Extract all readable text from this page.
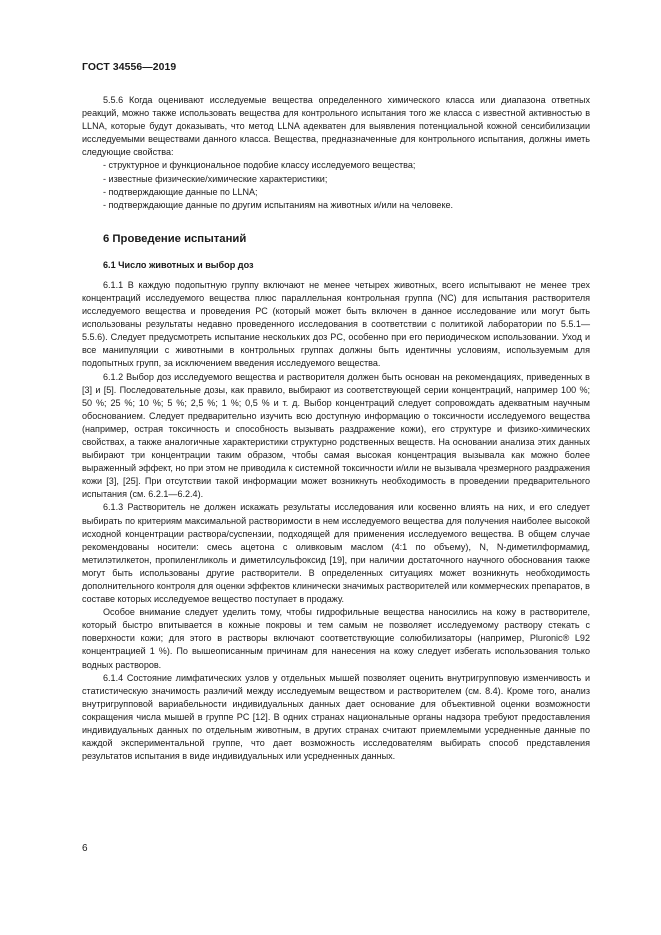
ГОСТ 34556—2019

5.5.6 Когда оценивают исследуемые вещества определенного химического класса или диапазона ответных реакций, можно также использовать вещества для контрольного испытания того же класса с известной активностью в LLNA, которые будут доказывать, что метод LLNA адекватен для выявления потенциальной кожной сенсибилизации исследуемыми веществами данного класса. Вещества, предназначенные для контрольного испытания, должны иметь следующие свойства:

- структурное и функциональное подобие классу исследуемого вещества;
- известные физические/химические характеристики;
- подтверждающие данные по LLNA;
- подтверждающие данные по другим испытаниям на животных и/или на человеке.
6 Проведение испытаний
6.1 Число животных и выбор доз

6.1.1 В каждую подопытную группу включают не менее четырех животных, всего испытывают не менее трех концентраций исследуемого вещества плюс параллельная контрольная группа (NC) для испытания растворителя исследуемого вещества и проведения PC (который может быть включен в данное исследование или могут быть использованы результаты недавно проведенного исследования в соответствии с политикой лаборатории по 5.5.1—5.5.6). Следует предусмотреть испытание нескольких доз PC, особенно при его периодическом использовании. Уход и все манипуляции с животными в контрольных группах должны быть идентичны условиям, используемым для подопытных групп, за исключением введения исследуемого вещества.

6.1.2 Выбор доз исследуемого вещества и растворителя должен быть основан на рекомендациях, приведенных в [3] и [5]. Последовательные дозы, как правило, выбирают из соответствующей серии концентраций, например 100 %; 50 %; 25 %; 10 %; 5 %; 2,5 %; 1 %; 0,5 % и т. д. Выбор концентраций следует сопровождать адекватным научным обоснованием. Следует предварительно изучить всю доступную информацию о токсичности исследуемого вещества (например, острая токсичность и способность вызывать раздражение кожи), его структуре и физико-химических свойствах, а также аналогичные характеристики структурно родственных веществ. На основании анализа этих данных выбирают три концентрации таким образом, чтобы самая высокая концентрация вызывала как можно более выраженный эффект, но при этом не приводила к системной токсичности и/или не вызывала чрезмерного раздражения кожи [3], [25]. При отсутствии такой информации может возникнуть необходимость в проведении предварительного испытания (см. 6.2.1—6.2.4).

6.1.3 Растворитель не должен искажать результаты исследования или косвенно влиять на них, и его следует выбирать по критериям максимальной растворимости в нем исследуемого вещества для получения наиболее высокой исходной концентрации раствора/суспензии, подходящей для применения исследуемого вещества. В общем случае рекомендованы носители: смесь ацетона с оливковым маслом (4:1 по объему), N, N-диметилформамид, метилэтилкетон, пропиленгликоль и диметилсульфоксид [19], при наличии достаточного научного обоснования также могут быть использованы другие растворители. В определенных ситуациях может возникнуть необходимость дополнительного контроля для оценки эффектов клинически значимых растворителей или коммерческих препаратов, в составе которых исследуемое вещество поступает в продажу.

Особое внимание следует уделить тому, чтобы гидрофильные вещества наносились на кожу в растворителе, который быстро впитывается в кожные покровы и тем самым не позволяет исследуемому раствору стекать с поверхности кожи; для этого в растворы включают соответствующие солюбилизаторы (например, Pluronic® L92 концентрацией 1 %). По вышеописанным причинам для нанесения на кожу следует избегать использования только водных растворов.

6.1.4 Состояние лимфатических узлов у отдельных мышей позволяет оценить внутригрупповую изменчивость и статистическую значимость различий между исследуемым веществом и растворителем (см. 8.4). Кроме того, анализ внутригрупповой вариабельности индивидуальных данных дает основание для объективной оценки возможности сокращения числа мышей в группе PC [12]. В одних странах национальные органы надзора требуют предоставления индивидуальных данных по отдельным животным, в других странах считают приемлемыми усредненные данные по каждой экспериментальной группе, что дает возможность исследователям выбирать способ представления результатов испытания в виде индивидуальных или усредненных данных.

6
